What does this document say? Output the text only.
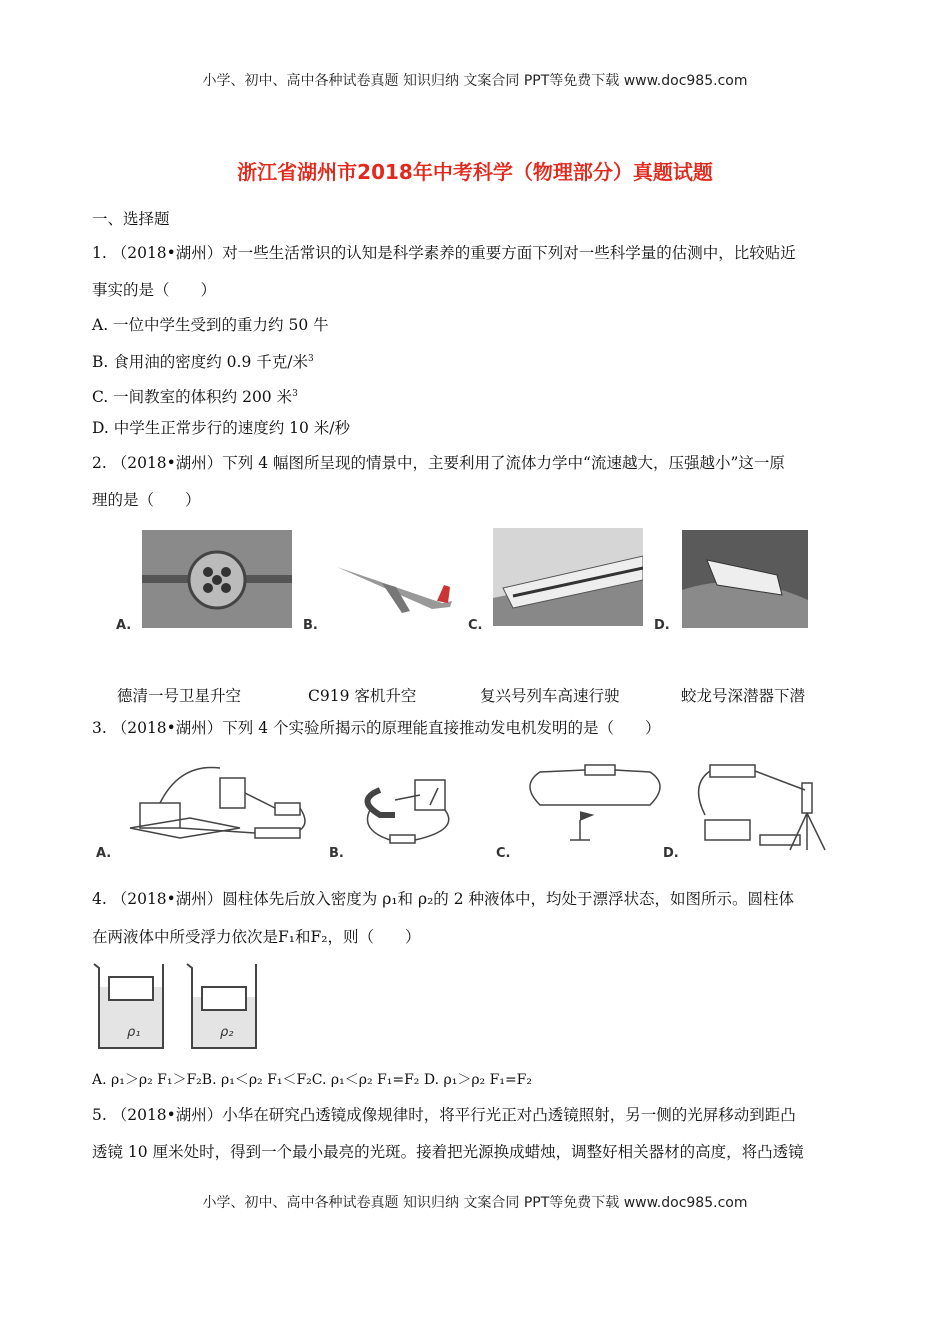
小学、初中、高中各种试卷真题 知识归纳 文案合同 PPT等免费下载 www.doc985.com
浙江省湖州市2018年中考科学（物理部分）真题试题
一、选择题
1. （2018•湖州）对一些生活常识的认知是科学素养的重要方面下列对一些科学量的估测中，比较贴近
事实的是（　　）
A. 一位中学生受到的重力约 50 牛
B. 食用油的密度约 0.9 千克/米$^3$
C. 一间教室的体积约 200 米$^3$
D. 中学生正常步行的速度约 10 米/秒
2. （2018•湖州）下列 4 幅图所呈现的情景中，主要利用了流体力学中“流速越大，压强越小”这一原
理的是（　　）
A.	B.	C.	D.
德清一号卫星升空	C919 客机升空	复兴号列车高速行驶	蛟龙号深潜器下潜
3. （2018•湖州）下列 4 个实验所揭示的原理能直接推动发电机发明的是（　　）
A.	B.	C.	D.
4. （2018•湖州）圆柱体先后放入密度为 ρ₁和 ρ₂的 2 种液体中，均处于漂浮状态，如图所示。圆柱体
在两液体中所受浮力依次是F₁和F₂，则（　　）
ρ₁	ρ₂
A. ρ₁＞ρ₂ F₁＞F₂B. ρ₁＜ρ₂ F₁＜F₂C. ρ₁＜ρ₂ F₁=F₂ D. ρ₁＞ρ₂ F₁=F₂
5. （2018•湖州）小华在研究凸透镜成像规律时，将平行光正对凸透镜照射，另一侧的光屏移动到距凸
透镜 10 厘米处时，得到一个最小最亮的光斑。接着把光源换成蜡烛，调整好相关器材的高度，将凸透镜
小学、初中、高中各种试卷真题 知识归纳 文案合同 PPT等免费下载 www.doc985.com
